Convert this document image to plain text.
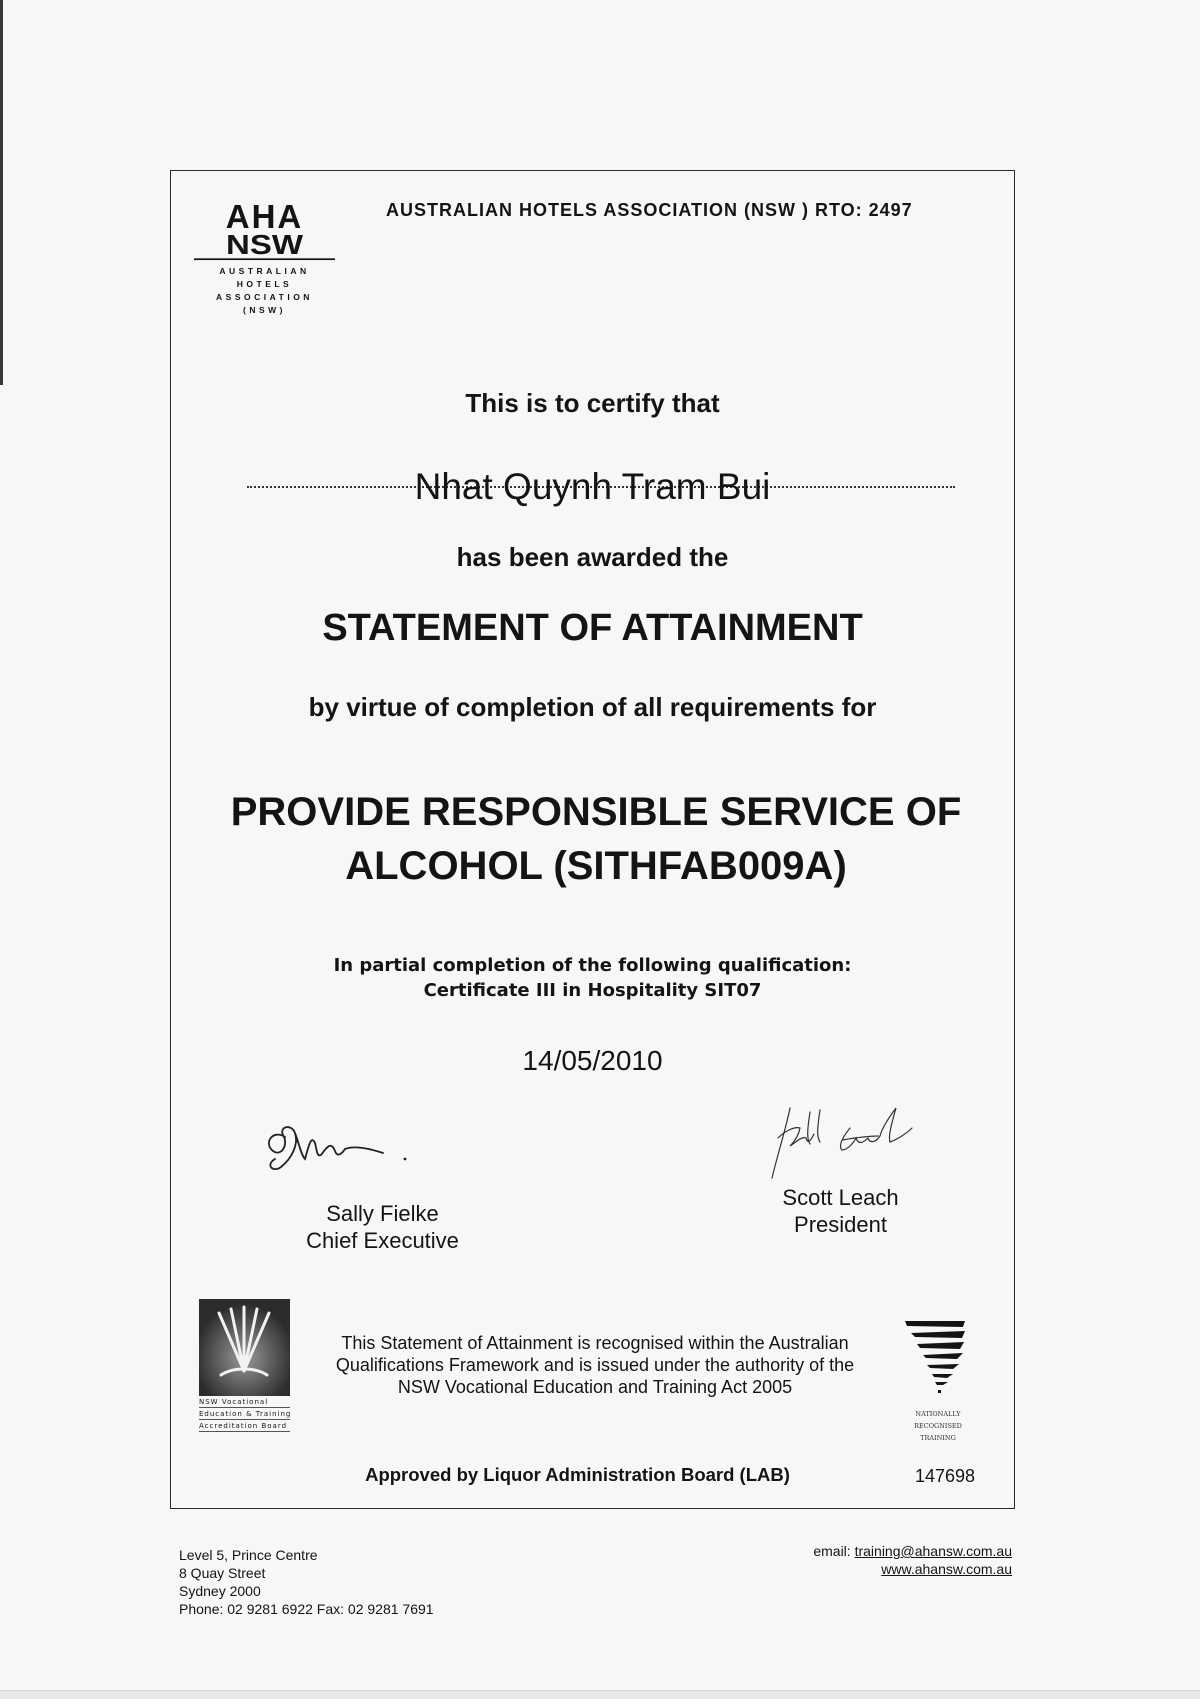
AHA
NSW
AUSTRALIAN
HOTELS
ASSOCIATION
(NSW)
AUSTRALIAN HOTELS ASSOCIATION (NSW ) RTO: 2497
This is to certify that
Nhat Quynh Tram Bui
has been awarded the
STATEMENT OF ATTAINMENT
by virtue of completion of all requirements for
PROVIDE RESPONSIBLE SERVICE OF ALCOHOL (SITHFAB009A)
In partial completion of the following qualification:
Certificate III in Hospitality SIT07
14/05/2010
Sally Fielke
Chief Executive
Scott Leach
President
NSW Vocational
Education & Training
Accreditation Board
This Statement of Attainment is recognised within the Australian Qualifications Framework and is issued under the authority of the NSW Vocational Education and Training Act 2005
NATIONALLY RECOGNISED
TRAINING
Approved by Liquor Administration Board (LAB)	147698
Level 5, Prince Centre
8 Quay Street
Sydney 2000
Phone: 02 9281 6922 Fax: 02 9281 7691
email: training@ahansw.com.au
www.ahansw.com.au
